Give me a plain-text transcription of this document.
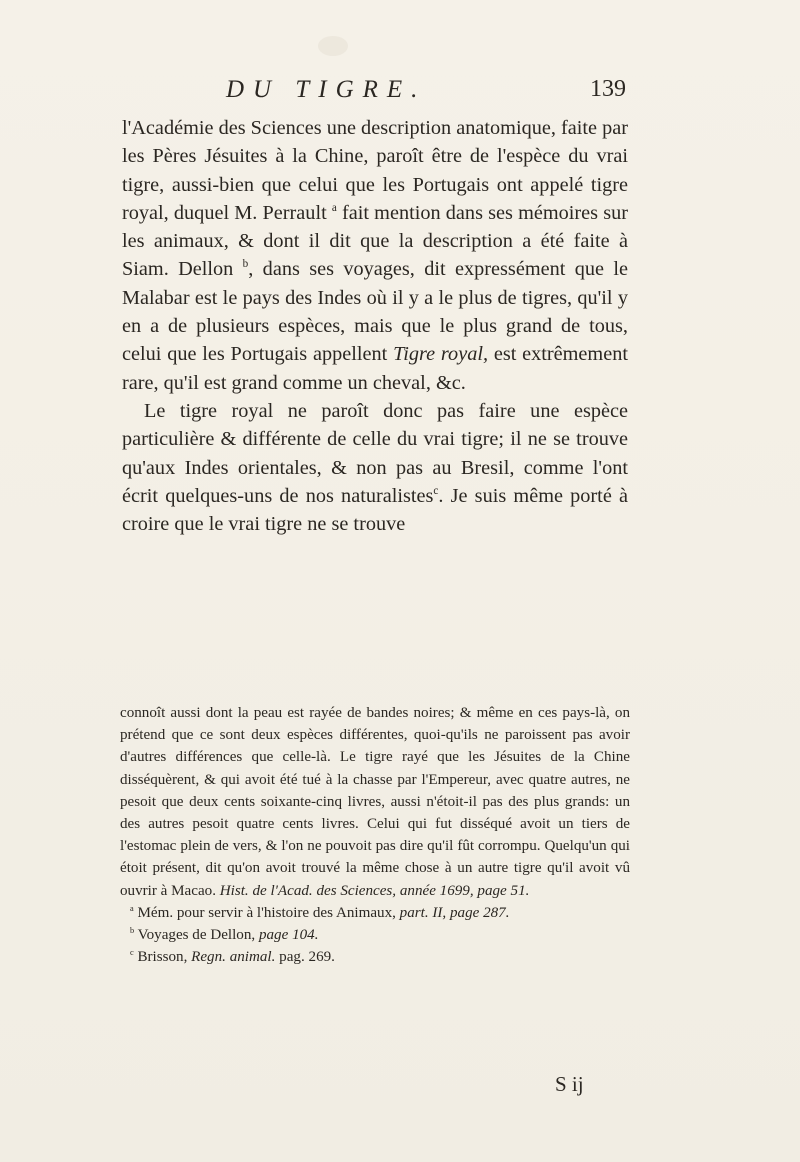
DU TIGRE.	139

l'Académie des Sciences une description anatomique, faite par les Pères Jésuites à la Chine, paroît être de l'espèce du vrai tigre, aussi-bien que celui que les Portugais ont appelé tigre royal, duquel M. Perrault $^a$ fait mention dans ses mémoires sur les animaux, & dont il dit que la description a été faite à Siam. Dellon $^b$, dans ses voyages, dit expressément que le Malabar est le pays des Indes où il y a le plus de tigres, qu'il y en a de plusieurs espèces, mais que le plus grand de tous, celui que les Portugais appellent Tigre royal, est extrêmement rare, qu'il est grand comme un cheval, &c.

Le tigre royal ne paroît donc pas faire une espèce particulière & différente de celle du vrai tigre; il ne se trouve qu'aux Indes orientales, & non pas au Bresil, comme l'ont écrit quelques-uns de nos naturalistes$^c$. Je suis même porté à croire que le vrai tigre ne se trouve

connoît aussi dont la peau est rayée de bandes noires; & même en ces pays-là, on prétend que ce sont deux espèces différentes, quoi-qu'ils ne paroissent pas avoir d'autres différences que celle-là. Le tigre rayé que les Jésuites de la Chine disséquèrent, & qui avoit été tué à la chasse par l'Empereur, avec quatre autres, ne pesoit que deux cents soixante-cinq livres, aussi n'étoit-il pas des plus grands: un des autres pesoit quatre cents livres. Celui qui fut disséqué avoit un tiers de l'estomac plein de vers, & l'on ne pouvoit pas dire qu'il fût corrompu. Quelqu'un qui étoit présent, dit qu'on avoit trouvé la même chose à un autre tigre qu'il avoit vû ouvrir à Macao. Hist. de l'Acad. des Sciences, année 1699, page 51.

$^a$ Mém. pour servir à l'histoire des Animaux, part. II, page 287.

$^b$ Voyages de Dellon, page 104.

$^c$ Brisson, Regn. animal. pag. 269.

S ij
